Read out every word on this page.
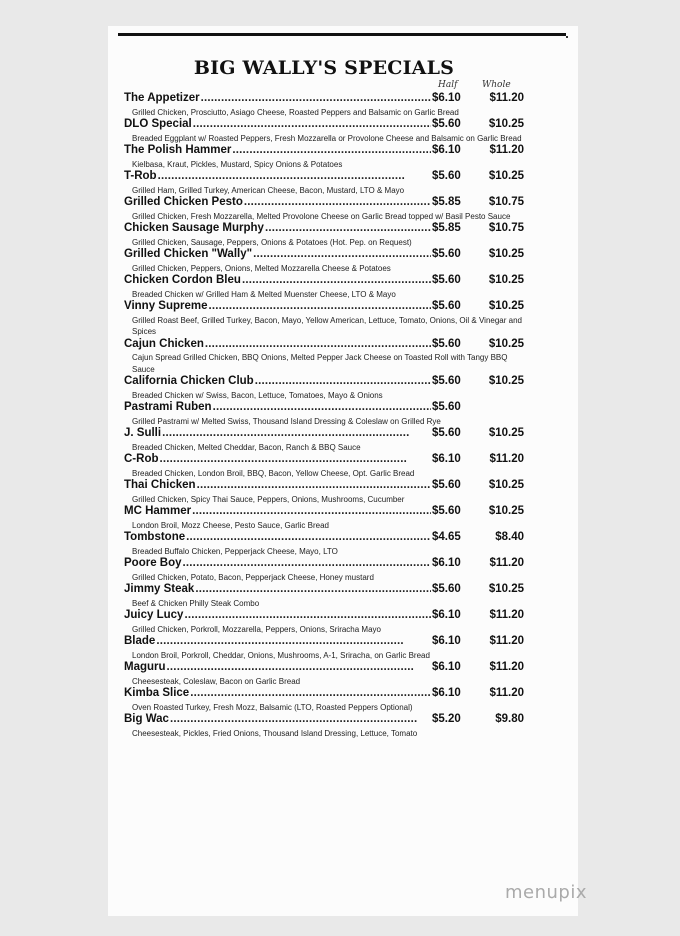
BIG WALLY'S SPECIALS
Half	Whole
The Appetizer . . .	$6.10	$11.20
Grilled Chicken, Prosciutto, Asiago Cheese, Roasted Peppers and Balsamic on Garlic Bread
DLO Special . . .	$5.60	$10.25
Breaded Eggplant w/ Roasted Peppers, Fresh Mozzarella or Provolone Cheese and Balsamic on Garlic Bread
The Polish Hammer . . .	$6.10	$11.20
Kielbasa, Kraut, Pickles, Mustard, Spicy Onions & Potatoes
T-Rob . . .	$5.60	$10.25
Grilled Ham, Grilled Turkey, American Cheese, Bacon, Mustard, LTO & Mayo
Grilled Chicken Pesto . . .	$5.85	$10.75
Grilled Chicken, Fresh Mozzarella, Melted Provolone Cheese on Garlic Bread topped w/ Basil Pesto Sauce
Chicken Sausage Murphy . . .	$5.85	$10.75
Grilled Chicken, Sausage, Peppers, Onions & Potatoes (Hot. Pep. on Request)
Grilled Chicken "Wally" . . .	$5.60	$10.25
Grilled Chicken, Peppers, Onions, Melted Mozzarella Cheese & Potatoes
Chicken Cordon Bleu . . .	$5.60	$10.25
Breaded Chicken w/ Grilled Ham & Melted Muenster Cheese, LTO & Mayo
Vinny Supreme . . .	$5.60	$10.25
Grilled Roast Beef, Grilled Turkey, Bacon, Mayo, Yellow American, Lettuce, Tomato, Onions, Oil & Vinegar and Spices
Cajun Chicken . . .	$5.60	$10.25
Cajun Spread Grilled Chicken, BBQ Onions, Melted Pepper Jack Cheese on Toasted Roll with Tangy BBQ Sauce
California Chicken Club . . .	$5.60	$10.25
Breaded Chicken w/ Swiss, Bacon, Lettuce, Tomatoes, Mayo & Onions
Pastrami Ruben . . .	$5.60
Grilled Pastrami w/ Melted Swiss, Thousand Island Dressing & Coleslaw on Grilled Rye
J. Sulli . . .	$5.60	$10.25
Breaded Chicken, Melted Cheddar, Bacon, Ranch & BBQ Sauce
C-Rob . . .	$6.10	$11.20
Breaded Chicken, London Broil, BBQ, Bacon, Yellow Cheese, Opt. Garlic Bread
Thai Chicken . . .	$5.60	$10.25
Grilled Chicken, Spicy Thai Sauce, Peppers, Onions, Mushrooms, Cucumber
MC Hammer . . .	$5.60	$10.25
London Broil, Mozz Cheese, Pesto Sauce, Garlic Bread
Tombstone . . .	$4.65	$8.40
Breaded Buffalo Chicken, Pepperjack Cheese, Mayo, LTO
Poore Boy . . .	$6.10	$11.20
Grilled Chicken, Potato, Bacon, Pepperjack Cheese, Honey mustard
Jimmy Steak . . .	$5.60	$10.25
Beef & Chicken Philly Steak Combo
Juicy Lucy . . .	$6.10	$11.20
Grilled Chicken, Porkroll, Mozzarella, Peppers, Onions, Sriracha Mayo
Blade . . .	$6.10	$11.20
London Broil, Porkroll, Cheddar, Onions, Mushrooms, A-1, Sriracha, on Garlic Bread
Maguru . . .	$6.10	$11.20
Cheesesteak, Coleslaw, Bacon on Garlic Bread
Kimba Slice . . .	$6.10	$11.20
Oven Roasted Turkey, Fresh Mozz, Balsamic (LTO, Roasted Peppers Optional)
Big Wac . . .	$5.20	$9.80
Cheesesteak, Pickles, Fried Onions, Thousand Island Dressing, Lettuce, Tomato
menupix
